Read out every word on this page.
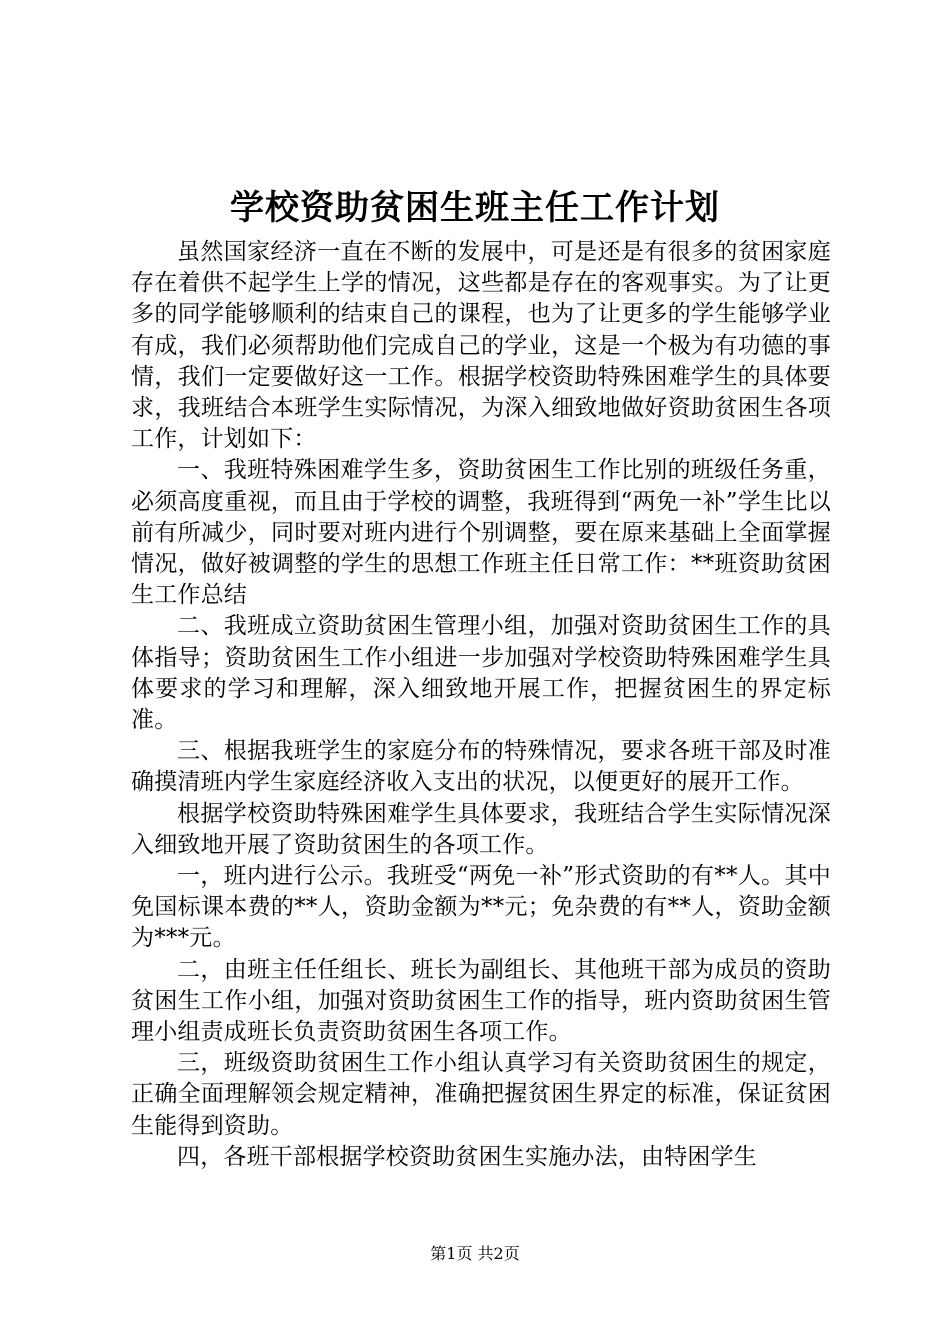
学校资助贫困生班主任工作计划

虽然国家经济一直在不断的发展中，可是还是有很多的贫困家庭存在着供不起学生上学的情况，这些都是存在的客观事实。为了让更多的同学能够顺利的结束自己的课程，也为了让更多的学生能够学业有成，我们必须帮助他们完成自己的学业，这是一个极为有功德的事情，我们一定要做好这一工作。根据学校资助特殊困难学生的具体要求，我班结合本班学生实际情况，为深入细致地做好资助贫困生各项工作，计划如下：

一、我班特殊困难学生多，资助贫困生工作比别的班级任务重，必须高度重视，而且由于学校的调整，我班得到“两免一补”学生比以前有所减少，同时要对班内进行个别调整，要在原来基础上全面掌握情况，做好被调整的学生的思想工作班主任日常工作：**班资助贫困生工作总结

二、我班成立资助贫困生管理小组，加强对资助贫困生工作的具体指导；资助贫困生工作小组进一步加强对学校资助特殊困难学生具体要求的学习和理解，深入细致地开展工作，把握贫困生的界定标准。

三、根据我班学生的家庭分布的特殊情况，要求各班干部及时准确摸清班内学生家庭经济收入支出的状况，以便更好的展开工作。

根据学校资助特殊困难学生具体要求，我班结合学生实际情况深入细致地开展了资助贫困生的各项工作。

一，班内进行公示。我班受“两免一补”形式资助的有**人。其中免国标课本费的**人，资助金额为**元；免杂费的有**人，资助金额为***元。

二，由班主任任组长、班长为副组长、其他班干部为成员的资助贫困生工作小组，加强对资助贫困生工作的指导，班内资助贫困生管理小组责成班长负责资助贫困生各项工作。

三，班级资助贫困生工作小组认真学习有关资助贫困生的规定，正确全面理解领会规定精神，准确把握贫困生界定的标准，保证贫困生能得到资助。

四，各班干部根据学校资助贫困生实施办法，由特困学生

第1页 共2页
